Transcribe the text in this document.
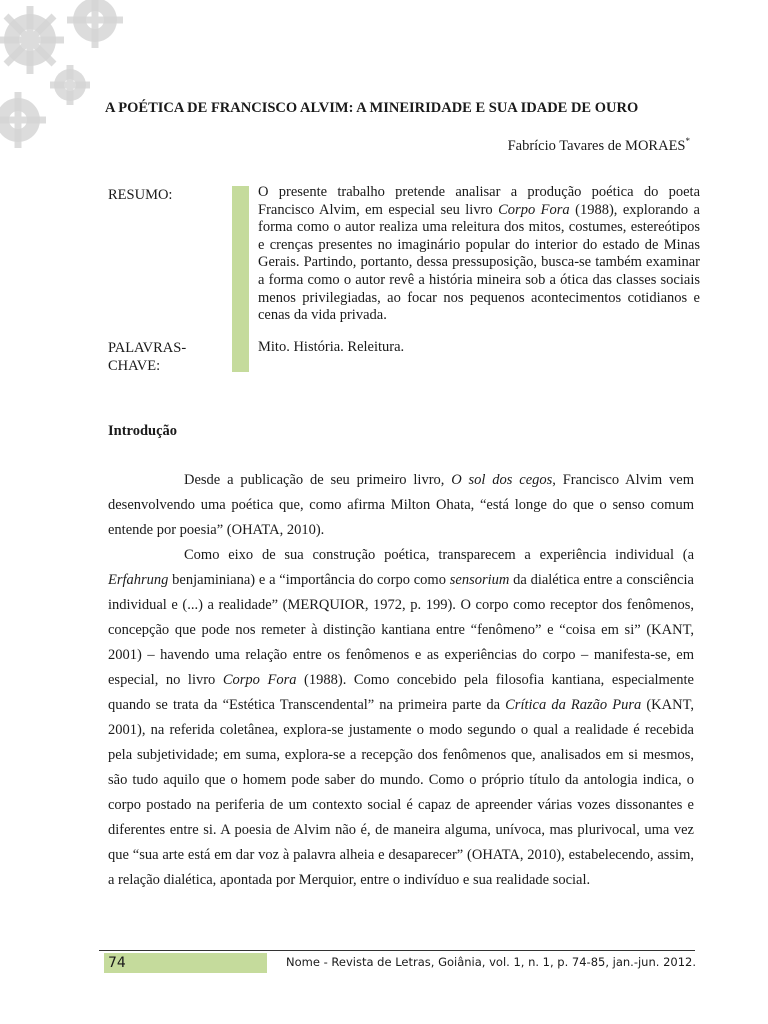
A POÉTICA DE FRANCISCO ALVIM: A MINEIRIDADE E SUA IDADE DE OURO
Fabrício Tavares de MORAES*
RESUMO:	O presente trabalho pretende analisar a produção poética do poeta Francisco Alvim, em especial seu livro Corpo Fora (1988), explorando a forma como o autor realiza uma releitura dos mitos, costumes, estereótipos e crenças presentes no imaginário popular do interior do estado de Minas Gerais. Partindo, portanto, dessa pressuposição, busca-se também examinar a forma como o autor revê a história mineira sob a ótica das classes sociais menos privilegiadas, ao focar nos pequenos acontecimentos cotidianos e cenas da vida privada.
PALAVRAS-CHAVE:
Mito. História. Releitura.
Introdução

Desde a publicação de seu primeiro livro, O sol dos cegos, Francisco Alvim vem desenvolvendo uma poética que, como afirma Milton Ohata, “está longe do que o senso comum entende por poesia” (OHATA, 2010).

Como eixo de sua construção poética, transparecem a experiência individual (a Erfahrung benjaminiana) e a “importância do corpo como sensorium da dialética entre a consciência individual e (...) a realidade” (MERQUIOR, 1972, p. 199). O corpo como receptor dos fenômenos, concepção que pode nos remeter à distinção kantiana entre “fenômeno” e “coisa em si” (KANT, 2001) – havendo uma relação entre os fenômenos e as experiências do corpo – manifesta-se, em especial, no livro Corpo Fora (1988). Como concebido pela filosofia kantiana, especialmente quando se trata da “Estética Transcendental” na primeira parte da Crítica da Razão Pura (KANT, 2001), na referida coletânea, explora-se justamente o modo segundo o qual a realidade é recebida pela subjetividade; em suma, explora-se a recepção dos fenômenos que, analisados em si mesmos, são tudo aquilo que o homem pode saber do mundo. Como o próprio título da antologia indica, o corpo postado na periferia de um contexto social é capaz de apreender várias vozes dissonantes e diferentes entre si. A poesia de Alvim não é, de maneira alguma, unívoca, mas plurivocal, uma vez que “sua arte está em dar voz à palavra alheia e desaparecer” (OHATA, 2010), estabelecendo, assim, a relação dialética, apontada por Merquior, entre o indivíduo e sua realidade social.

74	Nome - Revista de Letras, Goiânia, vol. 1, n. 1, p. 74-85, jan.-jun. 2012.
